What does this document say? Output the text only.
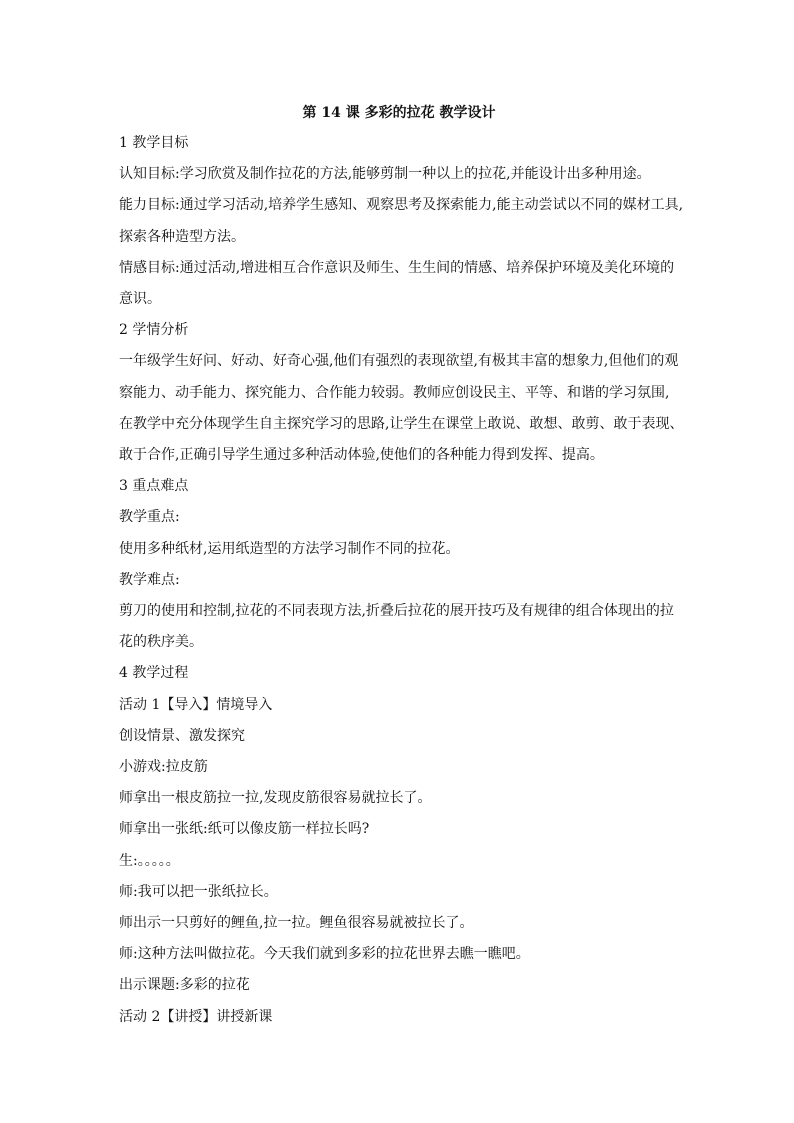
第 14 课 多彩的拉花 教学设计
1 教学目标
认知目标:学习欣赏及制作拉花的方法,能够剪制一种以上的拉花,并能设计出多种用途。
能力目标:通过学习活动,培养学生感知、观察思考及探索能力,能主动尝试以不同的媒材工具,
探索各种造型方法。
情感目标:通过活动,增进相互合作意识及师生、生生间的情感、培养保护环境及美化环境的
意识。
2 学情分析
一年级学生好问、好动、好奇心强,他们有强烈的表现欲望,有极其丰富的想象力,但他们的观
察能力、动手能力、探究能力、合作能力较弱。教师应创设民主、平等、和谐的学习氛围,
在教学中充分体现学生自主探究学习的思路,让学生在课堂上敢说、敢想、敢剪、敢于表现、
敢于合作,正确引导学生通过多种活动体验,使他们的各种能力得到发挥、提高。
3 重点难点
教学重点:
使用多种纸材,运用纸造型的方法学习制作不同的拉花。
教学难点:
剪刀的使用和控制,拉花的不同表现方法,折叠后拉花的展开技巧及有规律的组合体现出的拉
花的秩序美。
4 教学过程
活动 1【导入】情境导入
创设情景、激发探究
小游戏:拉皮筋
师拿出一根皮筋拉一拉,发现皮筋很容易就拉长了。
师拿出一张纸:纸可以像皮筋一样拉长吗?
生:。。。。。
师:我可以把一张纸拉长。
师出示一只剪好的鲤鱼,拉一拉。鲤鱼很容易就被拉长了。
师:这种方法叫做拉花。今天我们就到多彩的拉花世界去瞧一瞧吧。
出示课题:多彩的拉花
活动 2【讲授】讲授新课
